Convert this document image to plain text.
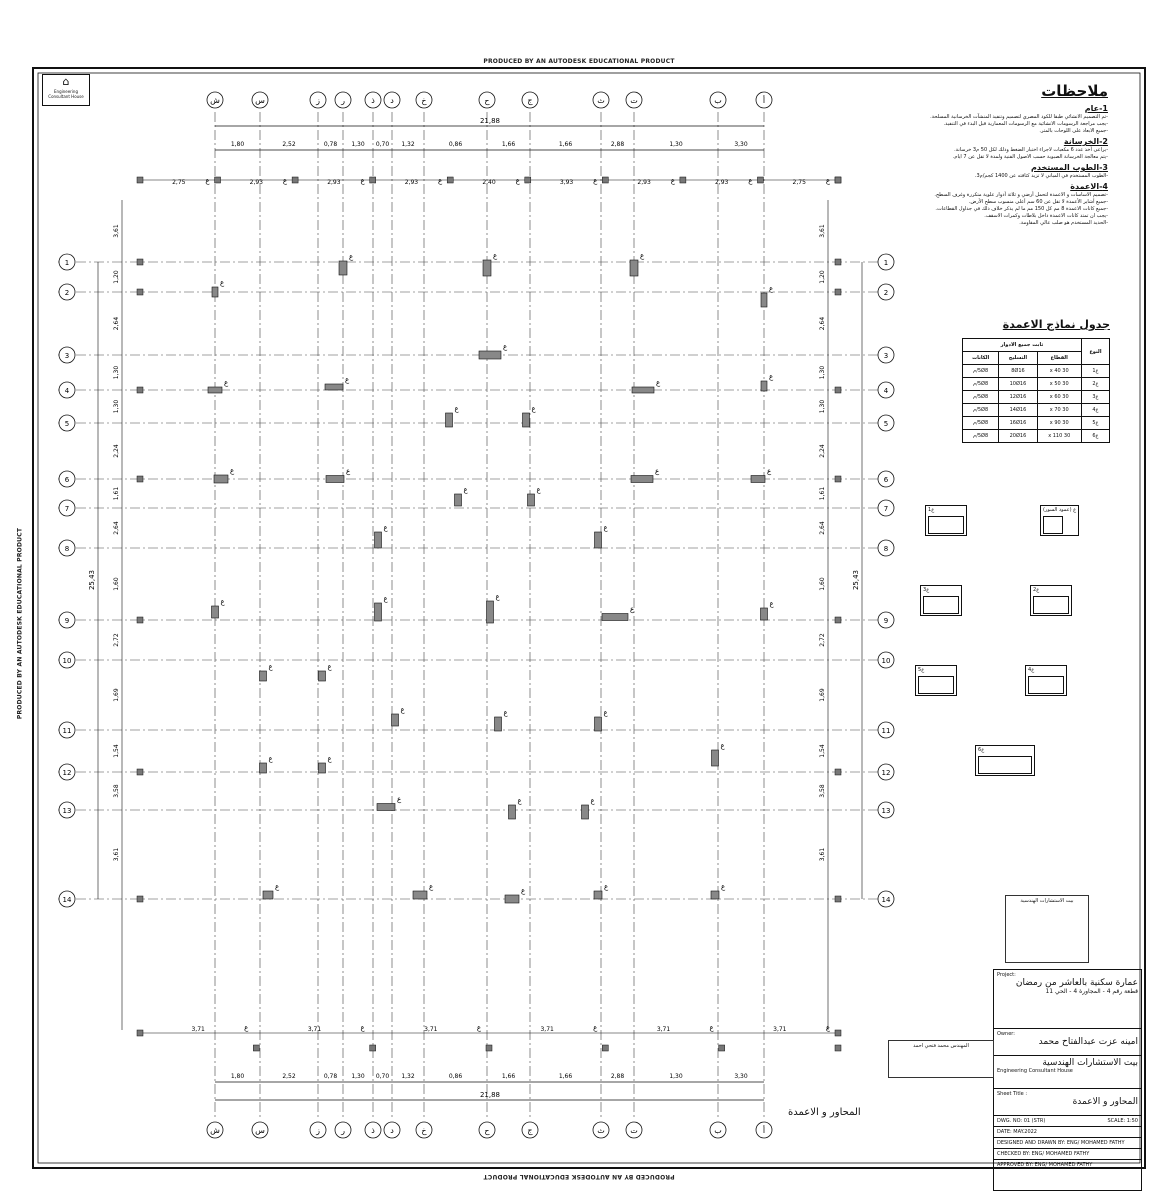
أ
أ
ب
ب
ت
ت
ث
ث
ج
ج
ح
ح
خ
خ
د
د
ذ
ذ
ر
ر
ز
ز
س
س
ش
ش
1	1
2	2
3	3
4	4
5	5
6	6
7	7
8	8
9	9
10	10
11	11
12	12
13	13
14	14
21,88
1,80
1,80
2,52
2,52
0,78
0,78
1,30
1,30
0,70
0,70
1,32
1,32
0,86
0,86
1,66
1,66
1,66
1,66
2,88
2,88
1,30
1,30
3,30
3,30
21,88
2,75	2,93	2,93	2,93	2,40	3,93	2,93	2,93	2,75
3,71	3,71	3,71	3,71	3,71	3,71
25,43
25,43
3,61
3,61
1,20
1,20
2,64
2,64
1,30
1,30
1,30
1,30
2,24
2,24
1,61
1,61
2,64
2,64
1,60
1,60
2,72
2,72
1,69
1,69
1,54
1,54
3,58
3,58
3,61
3,61
ع	ع	ع	ع	ع	ع	ع	ع	ع
ع	ع	ع	ع	ع	ع
ع
ع	ع	ع
ع
ع
ع	ع	ع
ع
ع	ع
ع	ع	ع	ع
ع	ع
ع	ع
ع	ع	ع
ع
ع
ع	ع
ع	ع	ع
ع
ع	ع
ع	ع	ع
ع	ع	ع	ع	ع
PRODUCED BY AN AUTODESK EDUCATIONAL PRODUCT
PRODUCED BY AN AUTODESK EDUCATIONAL PRODUCT
PRODUCED BY AN AUTODESK EDUCATIONAL PRODUCT
⌂
Engineering Consultant House	ملاحظات
1-عام

-تم التصميم الانشائي طبقا للكود المصري لتصميم وتنفيذ المنشآت الخرسانية المسلحة.

-يجب مراجعة الرسومات الانشائية مع الرسومات المعمارية قبل البدء في التنفيذ.

-جميع الابعاد على اللوحات بالمتر.

2-الخرسانة

-يراعى أخذ عدد 6 مكعبات لاجراء اختبار الضغط وذلك لكل 50 م3 خرسانة.

-يتم معالجة الخرسانة الصبوبة حسب الاصول الفنية ولمدة لا تقل عن 7 ايام.

3-الطوب المستخدم

-الطوب المستخدم في المباني لا تزيد كثافته عن 1400 كجم/م3.

4-الاعمدة

-تصميم الاساسات و الاعمدة لتحمل أرضي و ثلاثة أدوار علوية متكررة وغرف السطح.

-جميع أشاير الأعمدة لا تقل عن 60 سم أعلى منسوب سطح الأرض.

-جميع كانات الاعمدة 8 مم كل 150 مم ما لم يذكر خلاف ذلك في جداول القطاعات.

-يجب ان تمتد كانات الاعمدة داخل بلاطات وكمرات الاسقف.

-الحديد المستخدم هو صلب عالي المقاومة.

جدول نماذج الاعمدة
النوع	ثابت جميع الادوار		
	القطاع	التسليح	الكانات
ع1	30 x 40	8Ø16	5Ø8/م
ع2	30 x 50	10Ø16	5Ø8/م
ع3	30 x 60	12Ø16	5Ø8/م
ع4	30 x 70	14Ø16	5Ø8/م
ع5	30 x 90	16Ø16	5Ø8/م
ع6	30 x 110	20Ø16	5Ø8/م
ع (عمود السور)
ع1
ع2
ع3
ع4
ع5
ع6
بيت الاستشارات الهندسية
Project:
عمارة سكنية بالعاشر من رمضان
قطعة رقم 4 - المجاورة 4 - الحي 11
Owner:
امينه عزت عبدالفتاح محمد
بيت الاستشارات الهندسية
Engineering Consultant House
Sheet Title :
المحاور و الاعمدة
DWG. NO: 01 (STR)	SCALE: 1:50
DATE: MAY.2022
DESIGNED AND DRAWN BY: ENG/ MOHAMED FATHY
CHECKED BY: ENG/ MOHAMED FATHY
APPROVED BY: ENG/ MOHAMED FATHY
المهندس محمد فتحي احمد
المحاور و الاعمدة
